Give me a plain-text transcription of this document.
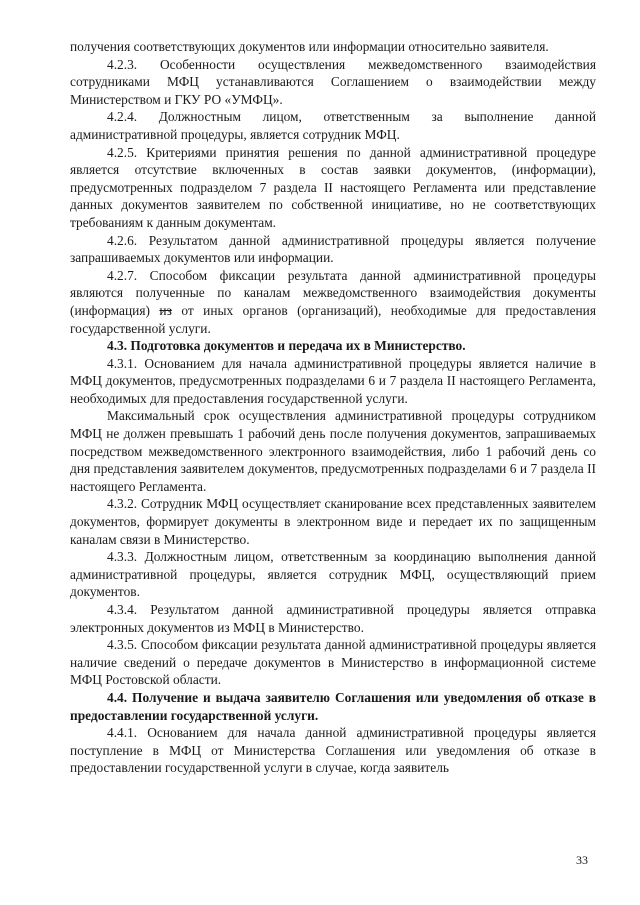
получения соответствующих документов или информации относительно заявителя.

4.2.3. Особенности осуществления межведомственного взаимодействия сотрудниками МФЦ устанавливаются Соглашением о взаимодействии между Министерством и ГКУ РО «УМФЦ».

4.2.4. Должностным лицом, ответственным за выполнение данной административной процедуры, является сотрудник МФЦ.

4.2.5. Критериями принятия решения по данной административной процедуре является отсутствие включенных в состав заявки документов, (информации), предусмотренных подразделом 7 раздела II настоящего Регламента или представление данных документов заявителем по собственной инициативе, но не соответствующих требованиям к данным документам.

4.2.6. Результатом данной административной процедуры является получение запрашиваемых документов или информации.

4.2.7. Способом фиксации результата данной административной процедуры являются полученные по каналам межведомственного взаимодействия документы (информация) из от иных органов (организаций), необходимые для предоставления государственной услуги.

4.3. Подготовка документов и передача их в Министерство.

4.3.1. Основанием для начала административной процедуры является наличие в МФЦ документов, предусмотренных подразделами 6 и 7 раздела II настоящего Регламента, необходимых для предоставления государственной услуги.

Максимальный срок осуществления административной процедуры сотрудником МФЦ не должен превышать 1 рабочий день после получения документов, запрашиваемых посредством межведомственного электронного взаимодействия, либо 1 рабочий день со дня представления заявителем документов, предусмотренных подразделами 6 и 7 раздела II настоящего Регламента.

4.3.2. Сотрудник МФЦ осуществляет сканирование всех представленных заявителем документов, формирует документы в электронном виде и передает их по защищенным каналам связи в Министерство.

4.3.3. Должностным лицом, ответственным за координацию выполнения данной административной процедуры, является сотрудник МФЦ, осуществляющий прием документов.

4.3.4. Результатом данной административной процедуры является отправка электронных документов из МФЦ в Министерство.

4.3.5. Способом фиксации результата данной административной процедуры является наличие сведений о передаче документов в Министерство в информационной системе МФЦ Ростовской области.

4.4. Получение и выдача заявителю Соглашения или уведомления об отказе в предоставлении государственной услуги.

4.4.1. Основанием для начала данной административной процедуры является поступление в МФЦ от Министерства Соглашения или уведомления об отказе в предоставлении государственной услуги в случае, когда заявитель

33
